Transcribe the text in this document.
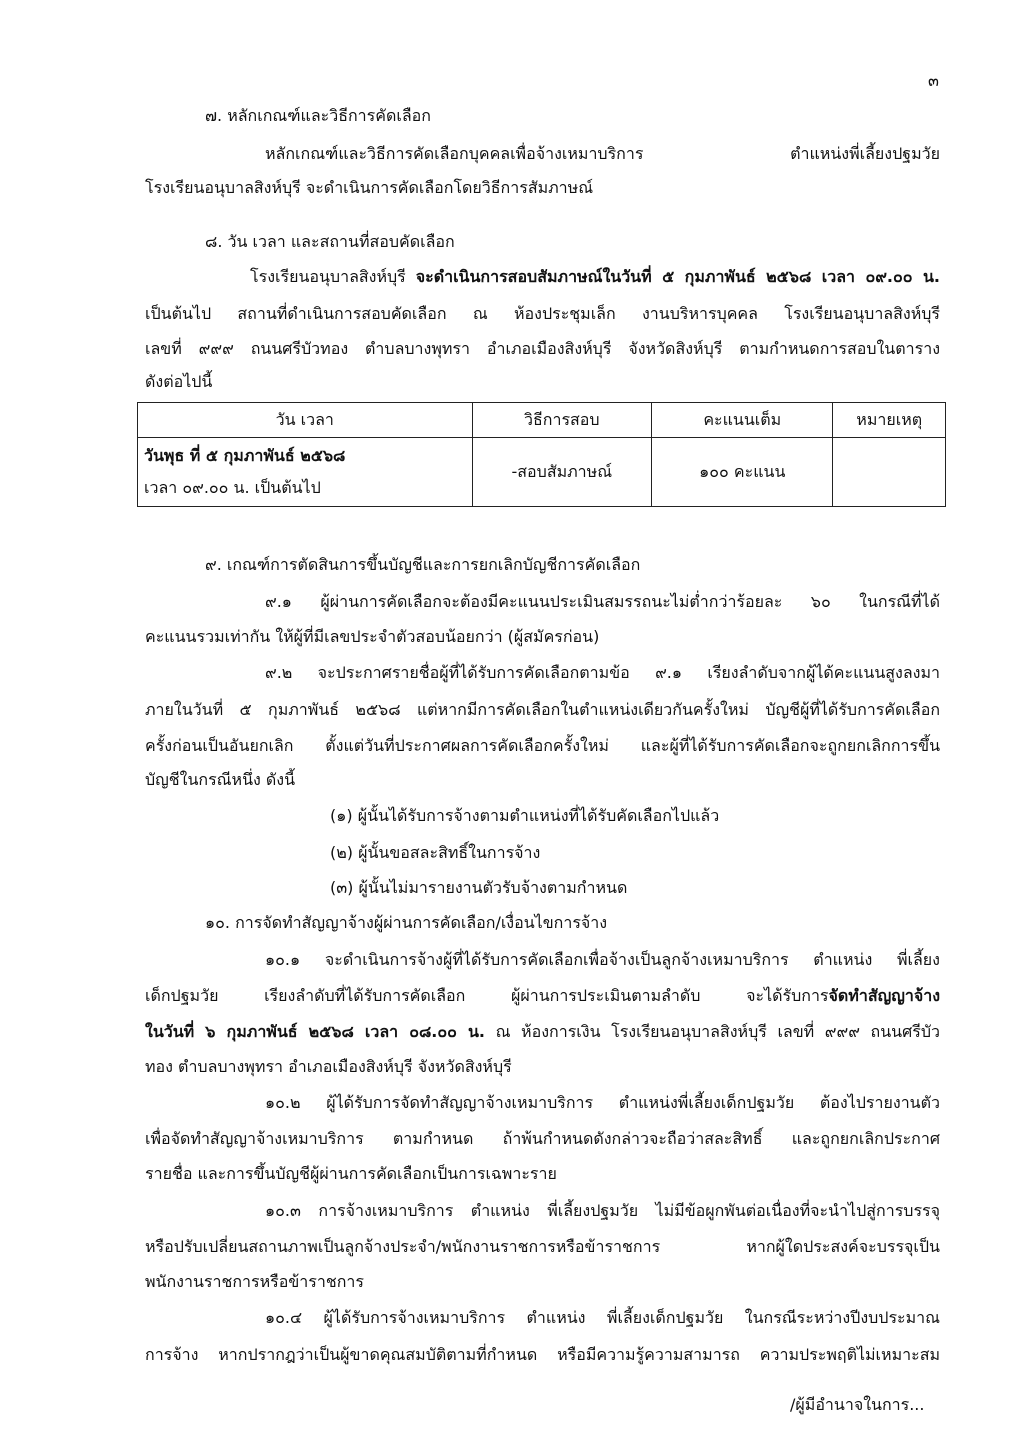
๓
๗. หลักเกณฑ์และวิธีการคัดเลือก
หลักเกณฑ์และวิธีการคัดเลือกบุคคลเพื่อจ้างเหมาบริการ ตำแหน่งพี่เลี้ยงปฐมวัย
โรงเรียนอนุบาลสิงห์บุรี จะดำเนินการคัดเลือกโดยวิธีการสัมภาษณ์
๘. วัน เวลา และสถานที่สอบคัดเลือก
โรงเรียนอนุบาลสิงห์บุรี จะดำเนินการสอบสัมภาษณ์ในวันที่ ๕ กุมภาพันธ์ ๒๕๖๘ เวลา ๐๙.๐๐ น.
เป็นต้นไป สถานที่ดำเนินการสอบคัดเลือก ณ ห้องประชุมเล็ก งานบริหารบุคคล โรงเรียนอนุบาลสิงห์บุรี
เลขที่ ๙๙๙ ถนนศรีบัวทอง ตำบลบางพุทรา อำเภอเมืองสิงห์บุรี จังหวัดสิงห์บุรี ตามกำหนดการสอบในตาราง
ดังต่อไปนี้
วัน เวลา	วิธีการสอบ	คะแนนเต็ม	หมายเหตุ

วันพุธ ที่ ๕ กุมภาพันธ์ ๒๕๖๘
เวลา ๐๙.๐๐ น. เป็นต้นไป	-สอบสัมภาษณ์	๑๐๐ คะแนน	
๙. เกณฑ์การตัดสินการขึ้นบัญชีและการยกเลิกบัญชีการคัดเลือก
๙.๑ ผู้ผ่านการคัดเลือกจะต้องมีคะแนนประเมินสมรรถนะไม่ต่ำกว่าร้อยละ ๖๐ ในกรณีที่ได้
คะแนนรวมเท่ากัน ให้ผู้ที่มีเลขประจำตัวสอบน้อยกว่า (ผู้สมัครก่อน)
๙.๒ จะประกาศรายชื่อผู้ที่ได้รับการคัดเลือกตามข้อ ๙.๑ เรียงลำดับจากผู้ได้คะแนนสูงลงมา
ภายในวันที่ ๕ กุมภาพันธ์ ๒๕๖๘ แต่หากมีการคัดเลือกในตำแหน่งเดียวกันครั้งใหม่ บัญชีผู้ที่ได้รับการคัดเลือก
ครั้งก่อนเป็นอันยกเลิก ตั้งแต่วันที่ประกาศผลการคัดเลือกครั้งใหม่ และผู้ที่ได้รับการคัดเลือกจะถูกยกเลิกการขึ้น
บัญชีในกรณีหนึ่ง ดังนี้
(๑) ผู้นั้นได้รับการจ้างตามตำแหน่งที่ได้รับคัดเลือกไปแล้ว
(๒) ผู้นั้นขอสละสิทธิ์ในการจ้าง
(๓) ผู้นั้นไม่มารายงานตัวรับจ้างตามกำหนด
๑๐. การจัดทำสัญญาจ้างผู้ผ่านการคัดเลือก/เงื่อนไขการจ้าง
๑๐.๑ จะดำเนินการจ้างผู้ที่ได้รับการคัดเลือกเพื่อจ้างเป็นลูกจ้างเหมาบริการ ตำแหน่ง พี่เลี้ยง
เด็กปฐมวัย เรียงลำดับที่ได้รับการคัดเลือก ผู้ผ่านการประเมินตามลำดับ จะได้รับการจัดทำสัญญาจ้าง
ในวันที่ ๖ กุมภาพันธ์ ๒๕๖๘ เวลา ๐๘.๐๐ น. ณ ห้องการเงิน โรงเรียนอนุบาลสิงห์บุรี เลขที่ ๙๙๙ ถนนศรีบัว
ทอง ตำบลบางพุทรา อำเภอเมืองสิงห์บุรี จังหวัดสิงห์บุรี
๑๐.๒ ผู้ได้รับการจัดทำสัญญาจ้างเหมาบริการ ตำแหน่งพี่เลี้ยงเด็กปฐมวัย ต้องไปรายงานตัว
เพื่อจัดทำสัญญาจ้างเหมาบริการ ตามกำหนด ถ้าพ้นกำหนดดังกล่าวจะถือว่าสละสิทธิ์ และถูกยกเลิกประกาศ
รายชื่อ และการขึ้นบัญชีผู้ผ่านการคัดเลือกเป็นการเฉพาะราย
๑๐.๓ การจ้างเหมาบริการ ตำแหน่ง พี่เลี้ยงปฐมวัย ไม่มีข้อผูกพันต่อเนื่องที่จะนำไปสู่การบรรจุ
หรือปรับเปลี่ยนสถานภาพเป็นลูกจ้างประจำ/พนักงานราชการหรือข้าราชการ หากผู้ใดประสงค์จะบรรจุเป็น
พนักงานราชการหรือข้าราชการ
๑๐.๔ ผู้ได้รับการจ้างเหมาบริการ ตำแหน่ง พี่เลี้ยงเด็กปฐมวัย ในกรณีระหว่างปีงบประมาณ
การจ้าง หากปรากฎว่าเป็นผู้ขาดคุณสมบัติตามที่กำหนด หรือมีความรู้ความสามารถ ความประพฤติไม่เหมาะสม
/ผู้มีอำนาจในการ...
